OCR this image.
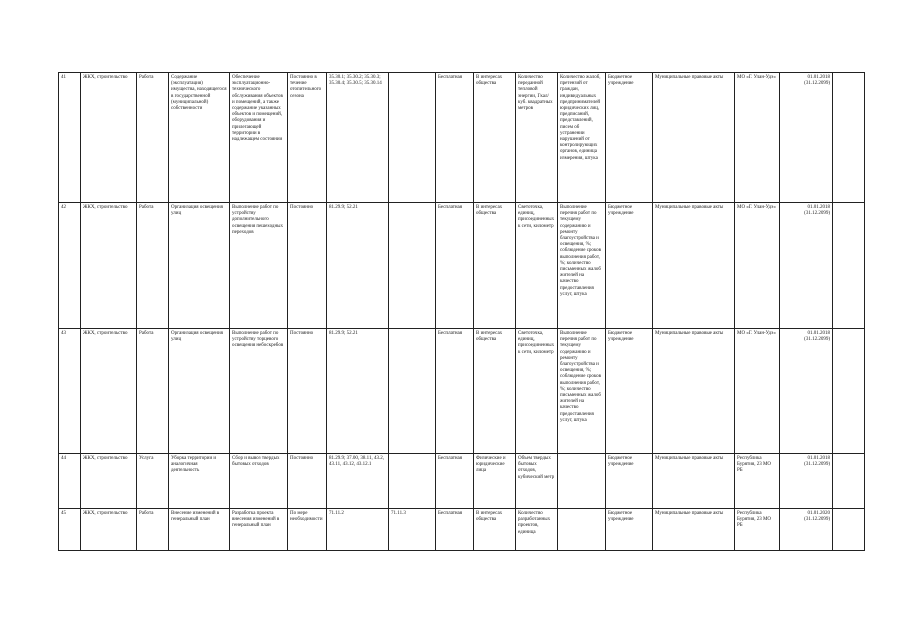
41	ЖКХ, строительство	Работа	Содержание (эксплуатация) имущества, находящегося в государственной (муниципальной) собственности	Обеспечение эксплуатационно-технического обслуживания объектов и помещений, а также содержание указанных объектов и помещений, оборудования и прилегающей территории в надлежащем состоянии	Постоянно в течение отопительного сезона	35.30.1; 35.30.2; 35.30.3; 35.30.4; 35.30.5; 35.30.14		Бесплатная	В интересах общества	Количество переданной тепловой энергии, Гкал/куб. квадратных метров	Количество жалоб, претензий от граждан, индивидуальных предпринимателей юридических лиц, предписаний, представлений, писем об устранении нарушений от контролирующих органов, единица измерения, штука	Бюджетное учреждение	Муниципальные правовые акты	МО «Г. Улан-Удэ»	01.01.2018 (31.12.2099)	
42	ЖКХ, строительство	Работа	Организация освещения улиц	Выполнение работ по устройству дополнительного освещения пешеходных переходов	Постоянно	81.29.9; 52.21		Бесплатная	В интересах общества	Светоточка, единиц, присоединенных к сети, километр	Выполнение перечня работ по текущему содержанию и ремонту благоустройства и освещения, %; соблюдение сроков выполнения работ, %; количество письменных жалоб жителей на качество предоставления услуг, штука	Бюджетное учреждение	Муниципальные правовые акты	МО «Г. Улан-Удэ»	01.01.2018 (31.12.2099)	
43	ЖКХ, строительство	Работа	Организация освещения улиц	Выполнение работ по устройству торцевого освещения небоскребов	Постоянно	81.29.9; 52.21		Бесплатная	В интересах общества	Светоточка, единиц, присоединенных к сети, километр	Выполнение перечня работ по текущему содержанию и ремонту благоустройства и освещения, %; соблюдение сроков выполнения работ, %; количество письменных жалоб жителей на качество предоставления услуг, штука	Бюджетное учреждение	Муниципальные правовые акты	МО «Г. Улан-Удэ»	01.01.2018 (31.12.2099)	
44	ЖКХ, строительство	Услуга	Уборка территории и аналогичная деятельность	Сбор и вывоз твердых бытовых отходов	Постоянно	81.29.9; 37.00, 38.11, 43.2, 43.11, 43.12, 43.12.1		Бесплатная	Физические и юридические лица	Объем твердых бытовых отходов, кубический метр		Бюджетное учреждение	Муниципальные правовые акты	Республика Бурятия, 23 МО РБ	01.01.2018 (31.12.2099)	
45	ЖКХ, строительство	Работа	Внесение изменений в генеральный план	Разработка проекта внесения изменений в генеральный план	По мере необходимости	71.11.2	71.11.3	Бесплатная	В интересах общества	Количество разработанных проектов, единица		Бюджетное учреждение	Муниципальные правовые акты	Республика Бурятия, 23 МО РБ	01.01.2020 (31.12.2099)	
